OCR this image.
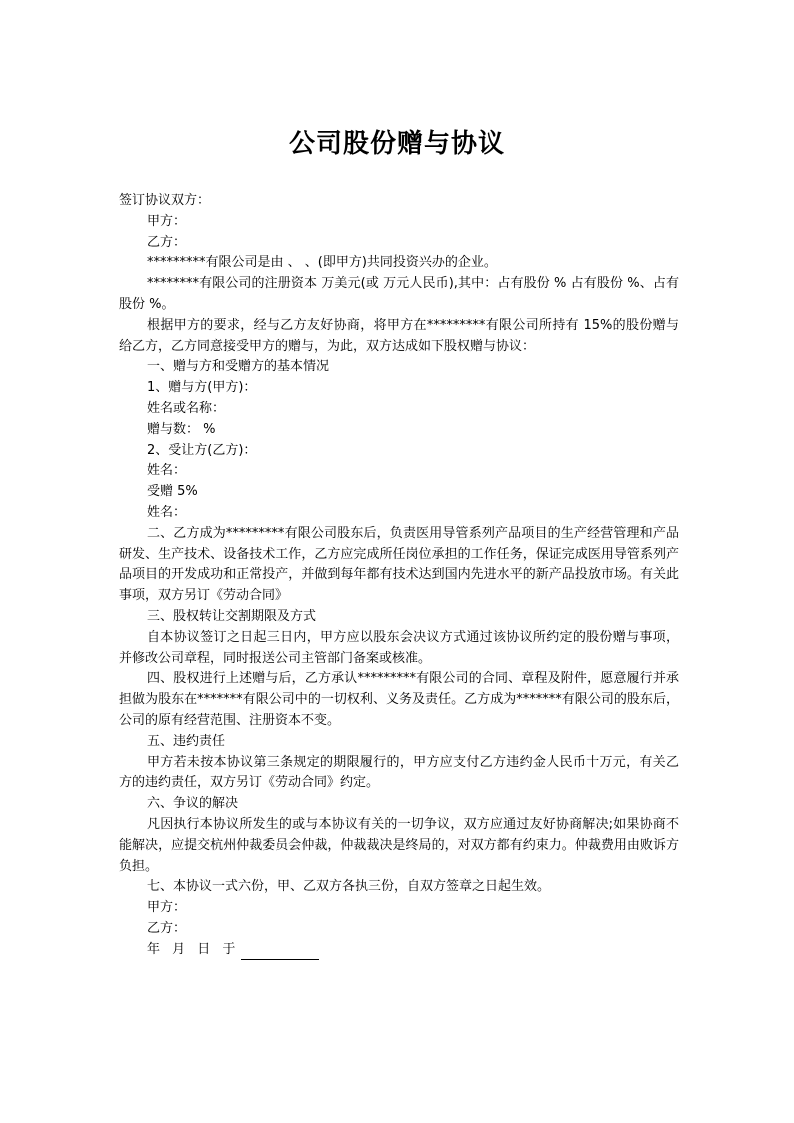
公司股份赠与协议

签订协议双方：

甲方：

乙方：

*********有限公司是由 、 、(即甲方)共同投资兴办的企业。

********有限公司的注册资本 万美元(或 万元人民币),其中：占有股份 % 占有股份 %、占有股份 %。

根据甲方的要求，经与乙方友好协商，将甲方在*********有限公司所持有 15%的股份赠与给乙方，乙方同意接受甲方的赠与，为此，双方达成如下股权赠与协议：

一、赠与方和受赠方的基本情况

1、赠与方(甲方)：

姓名或名称：

赠与数： %

2、受让方(乙方)：

姓名：

受赠 5%

姓名：

二、乙方成为*********有限公司股东后，负责医用导管系列产品项目的生产经营管理和产品研发、生产技术、设备技术工作，乙方应完成所任岗位承担的工作任务，保证完成医用导管系列产品项目的开发成功和正常投产，并做到每年都有技术达到国内先进水平的新产品投放市场。有关此事项，双方另订《劳动合同》

三、股权转让交割期限及方式

自本协议签订之日起三日内，甲方应以股东会决议方式通过该协议所约定的股份赠与事项，并修改公司章程，同时报送公司主管部门备案或核准。

四、股权进行上述赠与后，乙方承认*********有限公司的合同、章程及附件，愿意履行并承担做为股东在*******有限公司中的一切权利、义务及责任。乙方成为*******有限公司的股东后，公司的原有经营范围、注册资本不变。

五、违约责任

甲方若未按本协议第三条规定的期限履行的，甲方应支付乙方违约金人民币十万元，有关乙方的违约责任，双方另订《劳动合同》约定。

六、争议的解决

凡因执行本协议所发生的或与本协议有关的一切争议，双方应通过友好协商解决;如果协商不能解决，应提交杭州仲裁委员会仲裁，仲裁裁决是终局的，对双方都有约束力。仲裁费用由败诉方负担。

七、本协议一式六份，甲、乙双方各执三份，自双方签章之日起生效。

甲方：

乙方：

年 月 日 于
